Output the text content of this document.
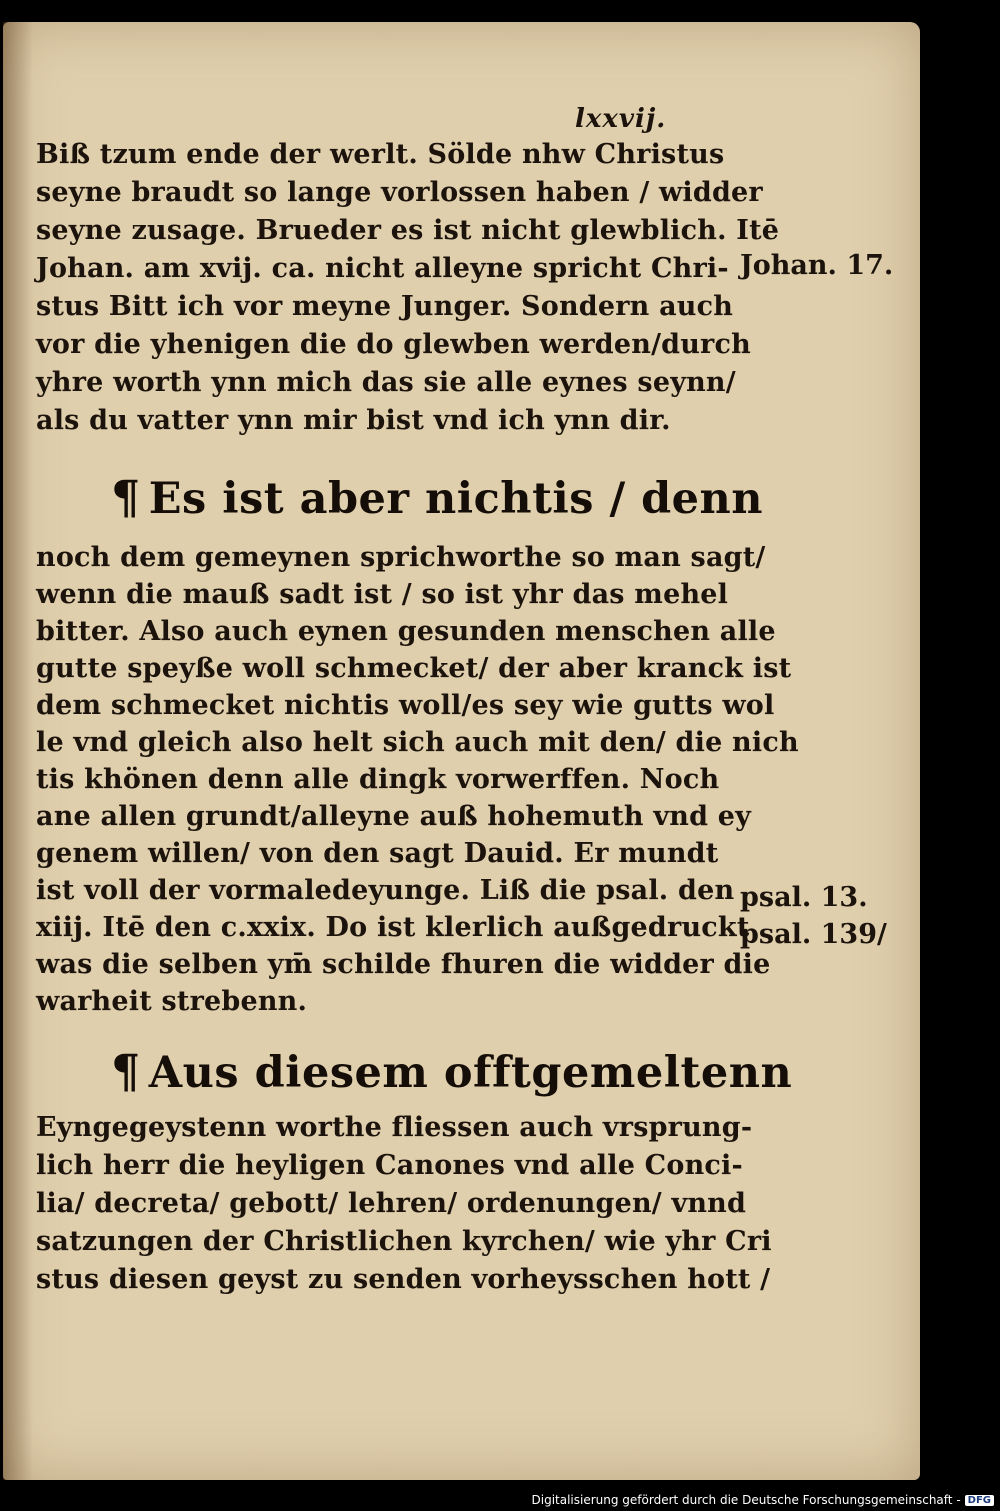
lxxvij.
Biß tzum ende der werlt. Sölde nhw Christus
seyne braudt so lange vorlossen haben / widder
seyne zusage. Brueder es ist nicht glewblich. Itē
Johan. am xvij. ca. nicht alleyne spricht Chri-
stus Bitt ich vor meyne Junger. Sondern auch
vor die yhenigen die do glewben werden/durch
yhre worth ynn mich das sie alle eynes seynn/
als du vatter ynn mir bist vnd ich ynn dir.
¶ Es ist aber nichtis / denn
noch dem gemeynen sprichworthe so man sagt/
wenn die mauß sadt ist / so ist yhr das mehel
bitter. Also auch eynen gesunden menschen alle
gutte speyße woll schmecket/ der aber kranck ist
dem schmecket nichtis woll/es sey wie gutts wol
le vnd gleich also helt sich auch mit den/ die nich
tis khönen denn alle dingk vorwerffen. Noch
ane allen grundt/alleyne auß hohemuth vnd ey
genem willen/ von den sagt Dauid. Er mundt
ist voll der vormaledeyunge. Liß die psal. den
xiij. Itē den c.xxix. Do ist klerlich außgedruckt
was die selben ym̄ schilde fhuren die widder die
warheit strebenn.
¶ Aus diesem offtgemeltenn
Eyngegeystenn worthe fliessen auch vrsprung-
lich herr die heyligen Canones vnd alle Conci-
lia/ decreta/ gebott/ lehren/ ordenungen/ vnnd
satzungen der Christlichen kyrchen/ wie yhr Cri
stus diesen geyst zu senden vorheysschen hott /
Johan. 17.
psal. 13.
psal. 139/
Digitalisierung gefördert durch die Deutsche Forschungsgemeinschaft - DFG
